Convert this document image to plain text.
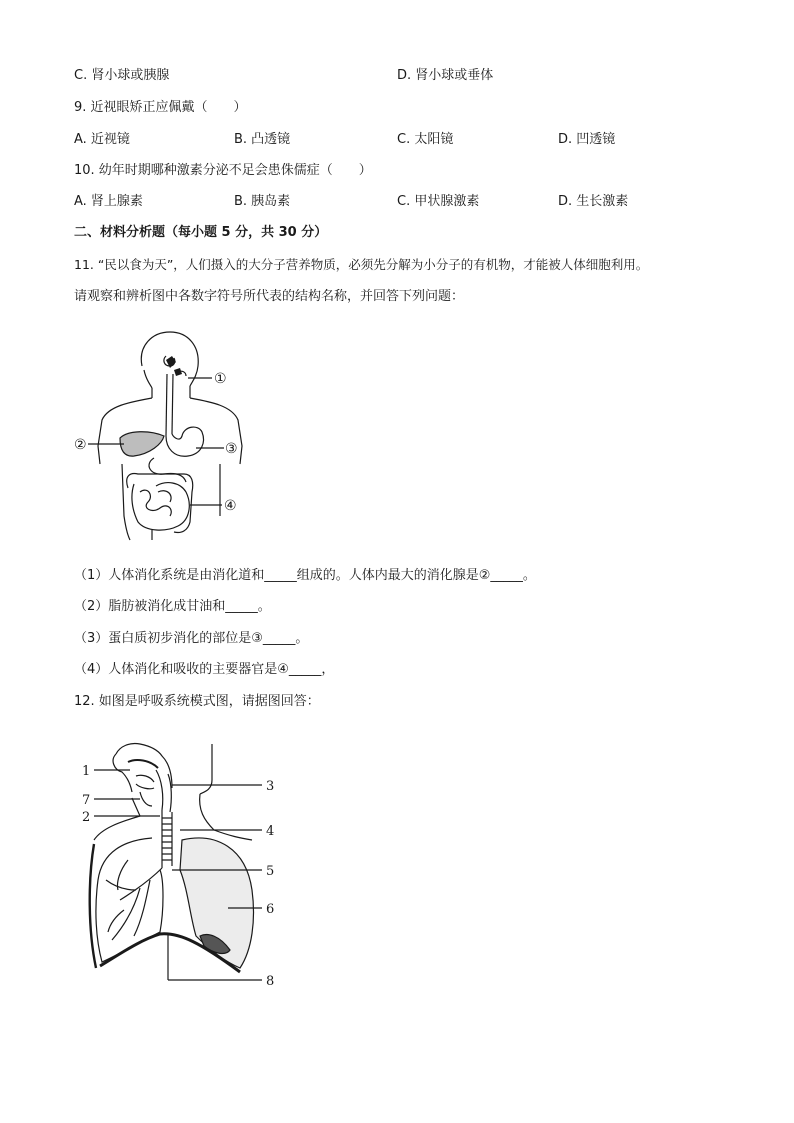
C. 肾小球或胰腺	D. 肾小球或垂体
9. 近视眼矫正应佩戴（　　）
A. 近视镜	B. 凸透镜	C. 太阳镜	D. 凹透镜
10. 幼年时期哪种激素分泌不足会患侏儒症（　　）
A. 肾上腺素	B. 胰岛素	C. 甲状腺激素	D. 生长激素
二、材料分析题（每小题 5 分，共 30 分）
11. “民以食为天”，人们摄入的大分子营养物质，必须先分解为小分子的有机物，才能被人体细胞利用。
请观察和辨析图中各数字符号所代表的结构名称，并回答下列问题：
①
②	③
④
（1）人体消化系统是由消化道和_____组成的。人体内最大的消化腺是②_____。
（2）脂肪被消化成甘油和_____。
（3）蛋白质初步消化的部位是③_____。
（4）人体消化和吸收的主要器官是④_____，
12. 如图是呼吸系统模式图，请据图回答：
1
7
2
3
4
5
6
8
